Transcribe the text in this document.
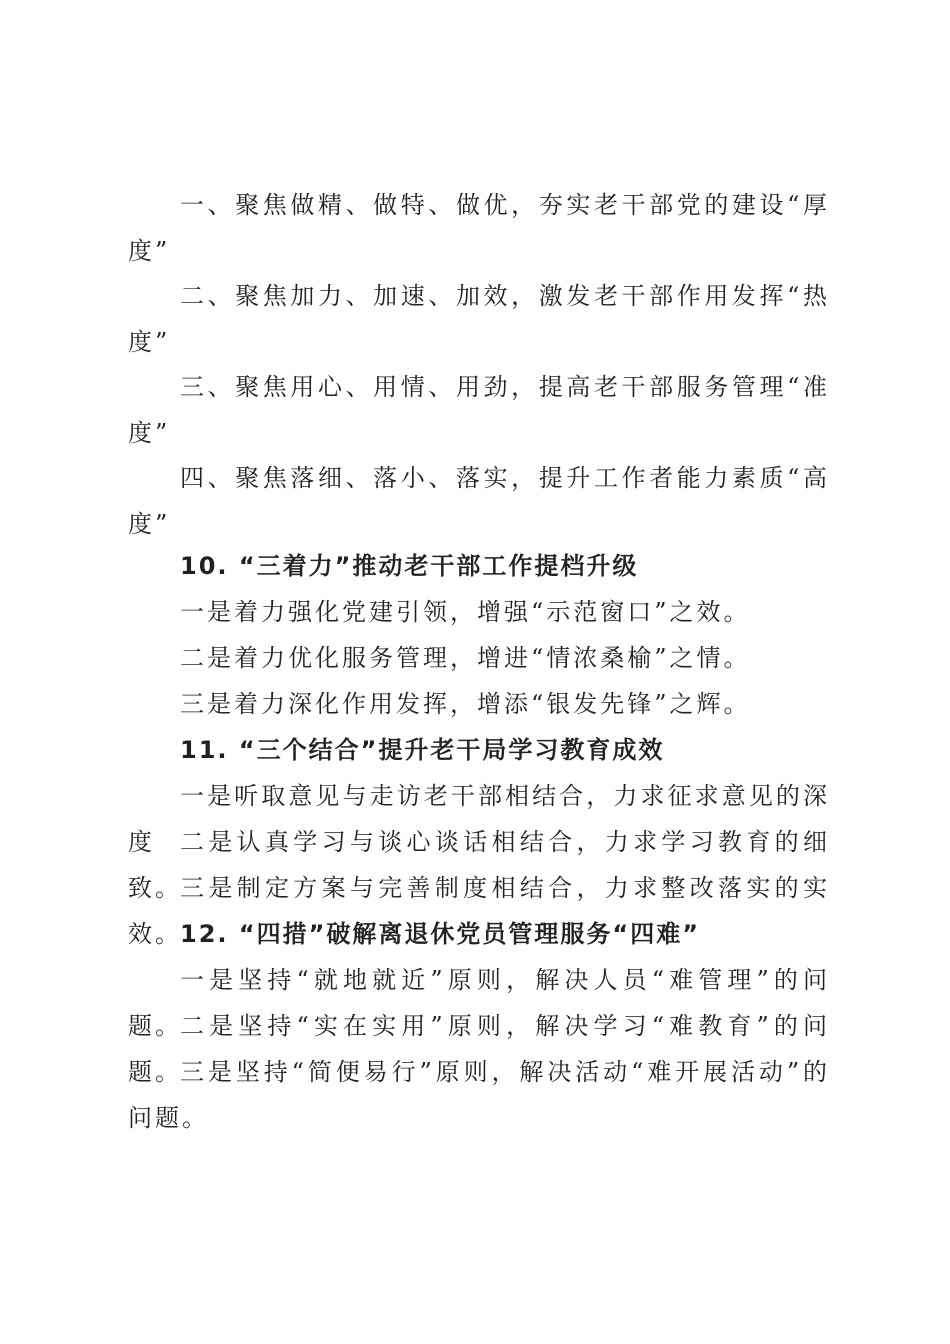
一、聚焦做精、做特、做优，夯实老干部党的建设“厚度”

二、聚焦加力、加速、加效，激发老干部作用发挥“热度”

三、聚焦用心、用情、用劲，提高老干部服务管理“准度”

四、聚焦落细、落小、落实，提升工作者能力素质“高度”

10. “三着力”推动老干部工作提档升级

一是着力强化党建引领，增强“示范窗口”之效。

二是着力优化服务管理，增进“情浓桑榆”之情。

三是着力深化作用发挥，增添“银发先锋”之辉。

11. “三个结合”提升老干局学习教育成效

一是听取意见与走访老干部相结合，力求征求意见的深度	二是认真学习与谈心谈话相结合，力求学习教育的细致。

三是制定方案与完善制度相结合，力求整改落实的实效。

12. “四措”破解离退休党员管理服务“四难”

一是坚持“就地就近”原则，解决人员“难管理”的问题。

二是坚持“实在实用”原则，解决学习“难教育”的问题。

三是坚持“简便易行”原则，解决活动“难开展活动”的问题。
